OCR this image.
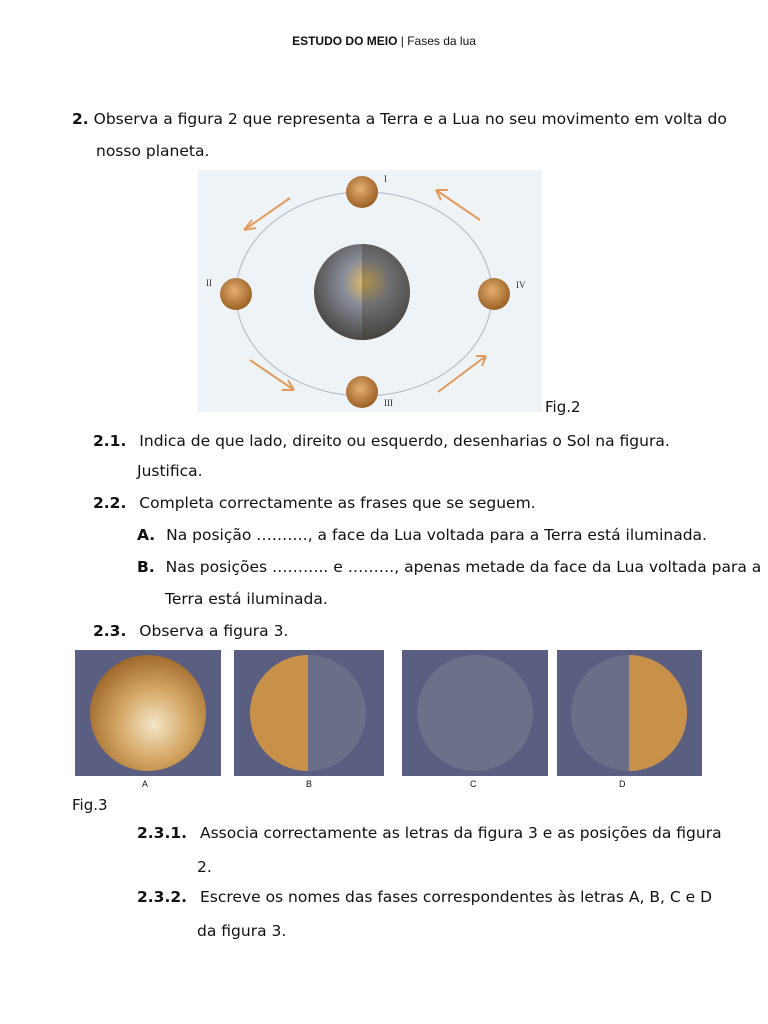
ESTUDO DO MEIO | Fases da lua
2. Observa a figura 2 que representa a Terra e a Lua no seu movimento em volta do
nosso planeta.
I
II
III
IV
Fig.2
2.1. Indica de que lado, direito ou esquerdo, desenharias o Sol na figura.
Justifica.
2.2. Completa correctamente as frases que se seguem.
A. Na posição ………., a face da Lua voltada para a Terra está iluminada.
B. Nas posições ……….. e ………, apenas metade da face da Lua voltada para a
Terra está iluminada.
2.3. Observa a figura 3.
A	B	C	D
Fig.3
2.3.1. Associa correctamente as letras da figura 3 e as posições da figura
2.
2.3.2. Escreve os nomes das fases correspondentes às letras A, B, C e D
da figura 3.
